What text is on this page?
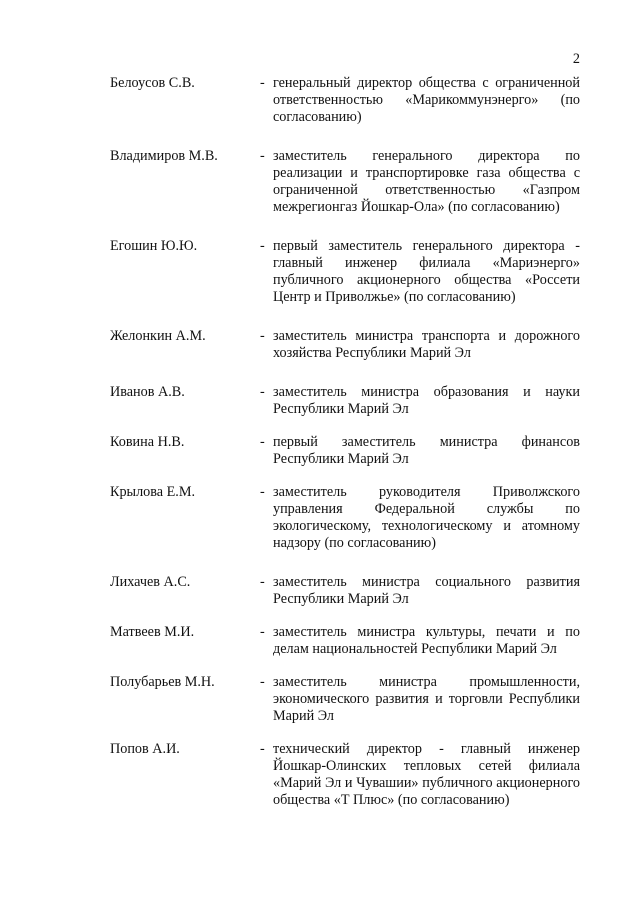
2
Белоусов С.В.	- генеральный директор общества с ограниченной ответственностью «Марикоммунэнерго» (по согласованию)
Владимиров М.В.	- заместитель генерального директора по реализации и транспортировке газа общества с ограниченной ответственностью «Газпром межрегионгаз Йошкар-Ола» (по согласованию)
Егошин Ю.Ю.	- первый заместитель генерального директора - главный инженер филиала «Мариэнерго» публичного акционерного общества «Россети Центр и Приволжье» (по согласованию)
Желонкин А.М.	- заместитель министра транспорта и дорожного хозяйства Республики Марий Эл
Иванов А.В.	- заместитель министра образования и науки Республики Марий Эл
Ковина Н.В.	- первый заместитель министра финансов Республики Марий Эл
Крылова Е.М.	- заместитель руководителя Приволжского управления Федеральной службы по экологическому, технологическому и атомному надзору (по согласованию)
Лихачев А.С.	- заместитель министра социального развития Республики Марий Эл
Матвеев М.И.	- заместитель министра культуры, печати и по делам национальностей Республики Марий Эл
Полубарьев М.Н.	- заместитель министра промышленности, экономического развития и торговли Республики Марий Эл
Попов А.И.	- технический директор - главный инженер Йошкар-Олинских тепловых сетей филиала «Марий Эл и Чувашии» публичного акционерного общества «Т Плюс» (по согласованию)
